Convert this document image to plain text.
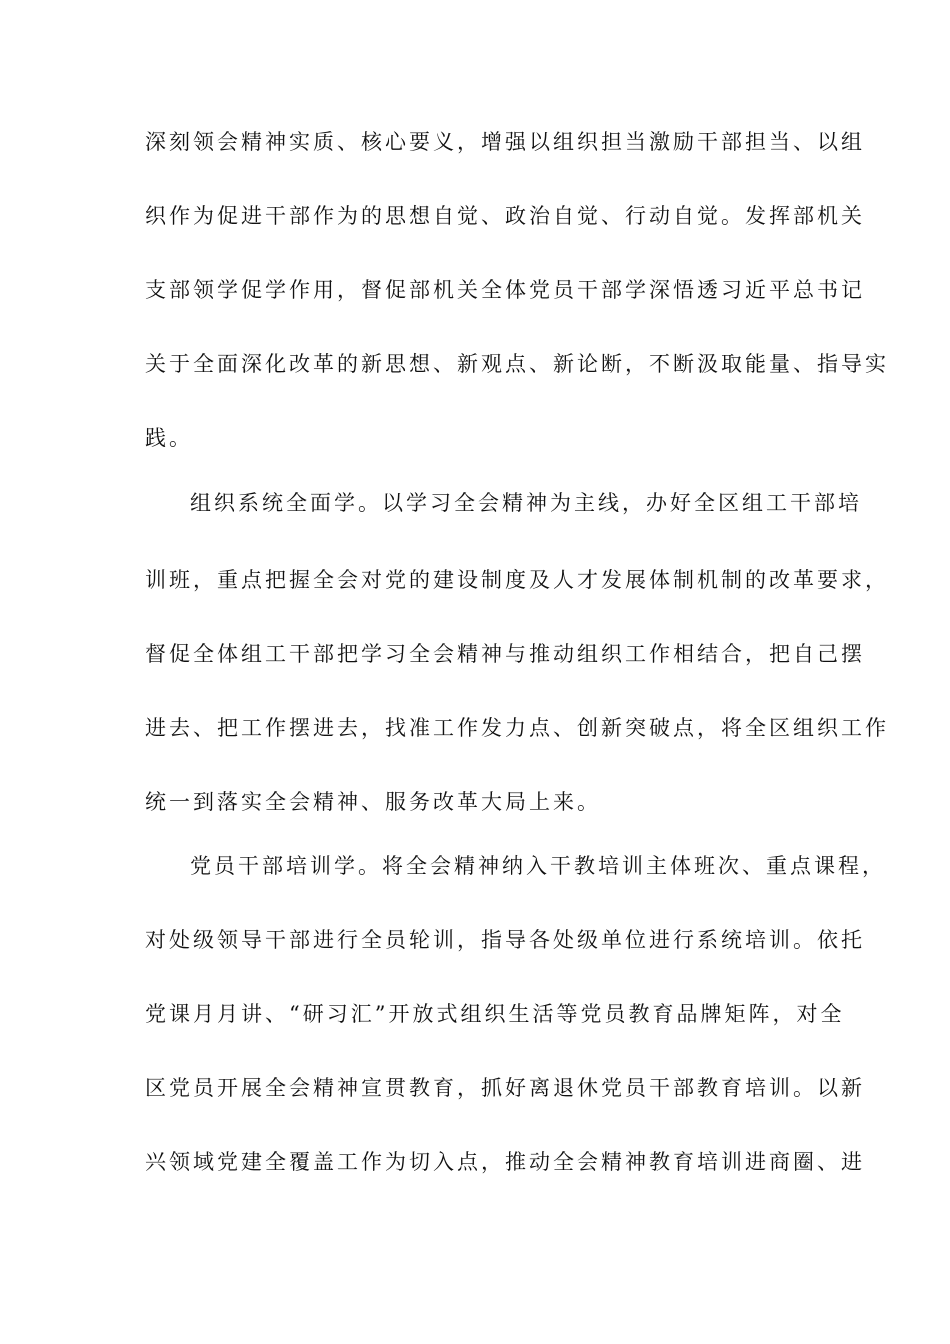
深刻领会精神实质、核心要义，增强以组织担当激励干部担当、以组
织作为促进干部作为的思想自觉、政治自觉、行动自觉。发挥部机关
支部领学促学作用，督促部机关全体党员干部学深悟透习近平总书记
关于全面深化改革的新思想、新观点、新论断，不断汲取能量、指导实
践。
组织系统全面学。以学习全会精神为主线，办好全区组工干部培
训班，重点把握全会对党的建设制度及人才发展体制机制的改革要求，
督促全体组工干部把学习全会精神与推动组织工作相结合，把自己摆
进去、把工作摆进去，找准工作发力点、创新突破点，将全区组织工作
统一到落实全会精神、服务改革大局上来。
党员干部培训学。将全会精神纳入干教培训主体班次、重点课程，
对处级领导干部进行全员轮训，指导各处级单位进行系统培训。依托
党课月月讲、“研习汇”开放式组织生活等党员教育品牌矩阵，对全
区党员开展全会精神宣贯教育，抓好离退休党员干部教育培训。以新
兴领域党建全覆盖工作为切入点，推动全会精神教育培训进商圈、进
